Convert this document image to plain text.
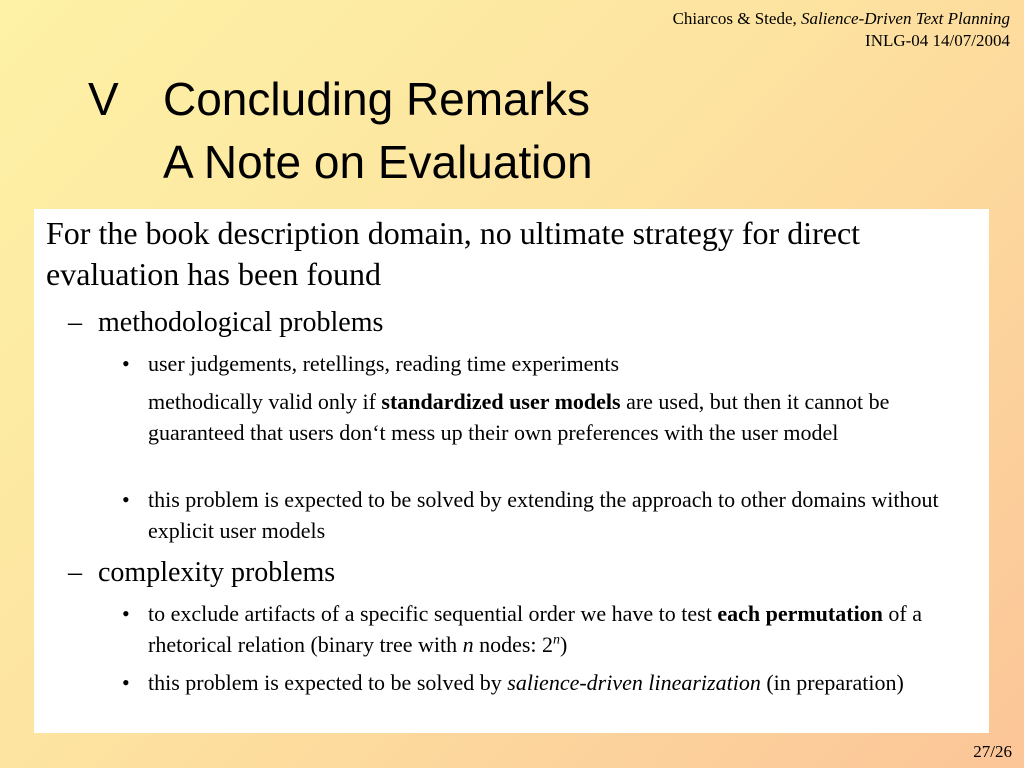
Chiarcos & Stede, Salience-Driven Text Planning
INLG-04 14/07/2004
V Concluding Remarks
A Note on Evaluation
For the book description domain, no ultimate strategy for direct evaluation has been found
– methodological problems
• user judgements, retellings, reading time experiments
methodically valid only if standardized user models are used, but then it cannot be guaranteed that users don‘t mess up their own preferences with the user model
• this problem is expected to be solved by extending the approach to other domains without explicit user models
– complexity problems
• to exclude artifacts of a specific sequential order we have to test each permutation of a rhetorical relation (binary tree with n nodes: 2$^n$)
• this problem is expected to be solved by salience-driven linearization (in preparation)
27/26
